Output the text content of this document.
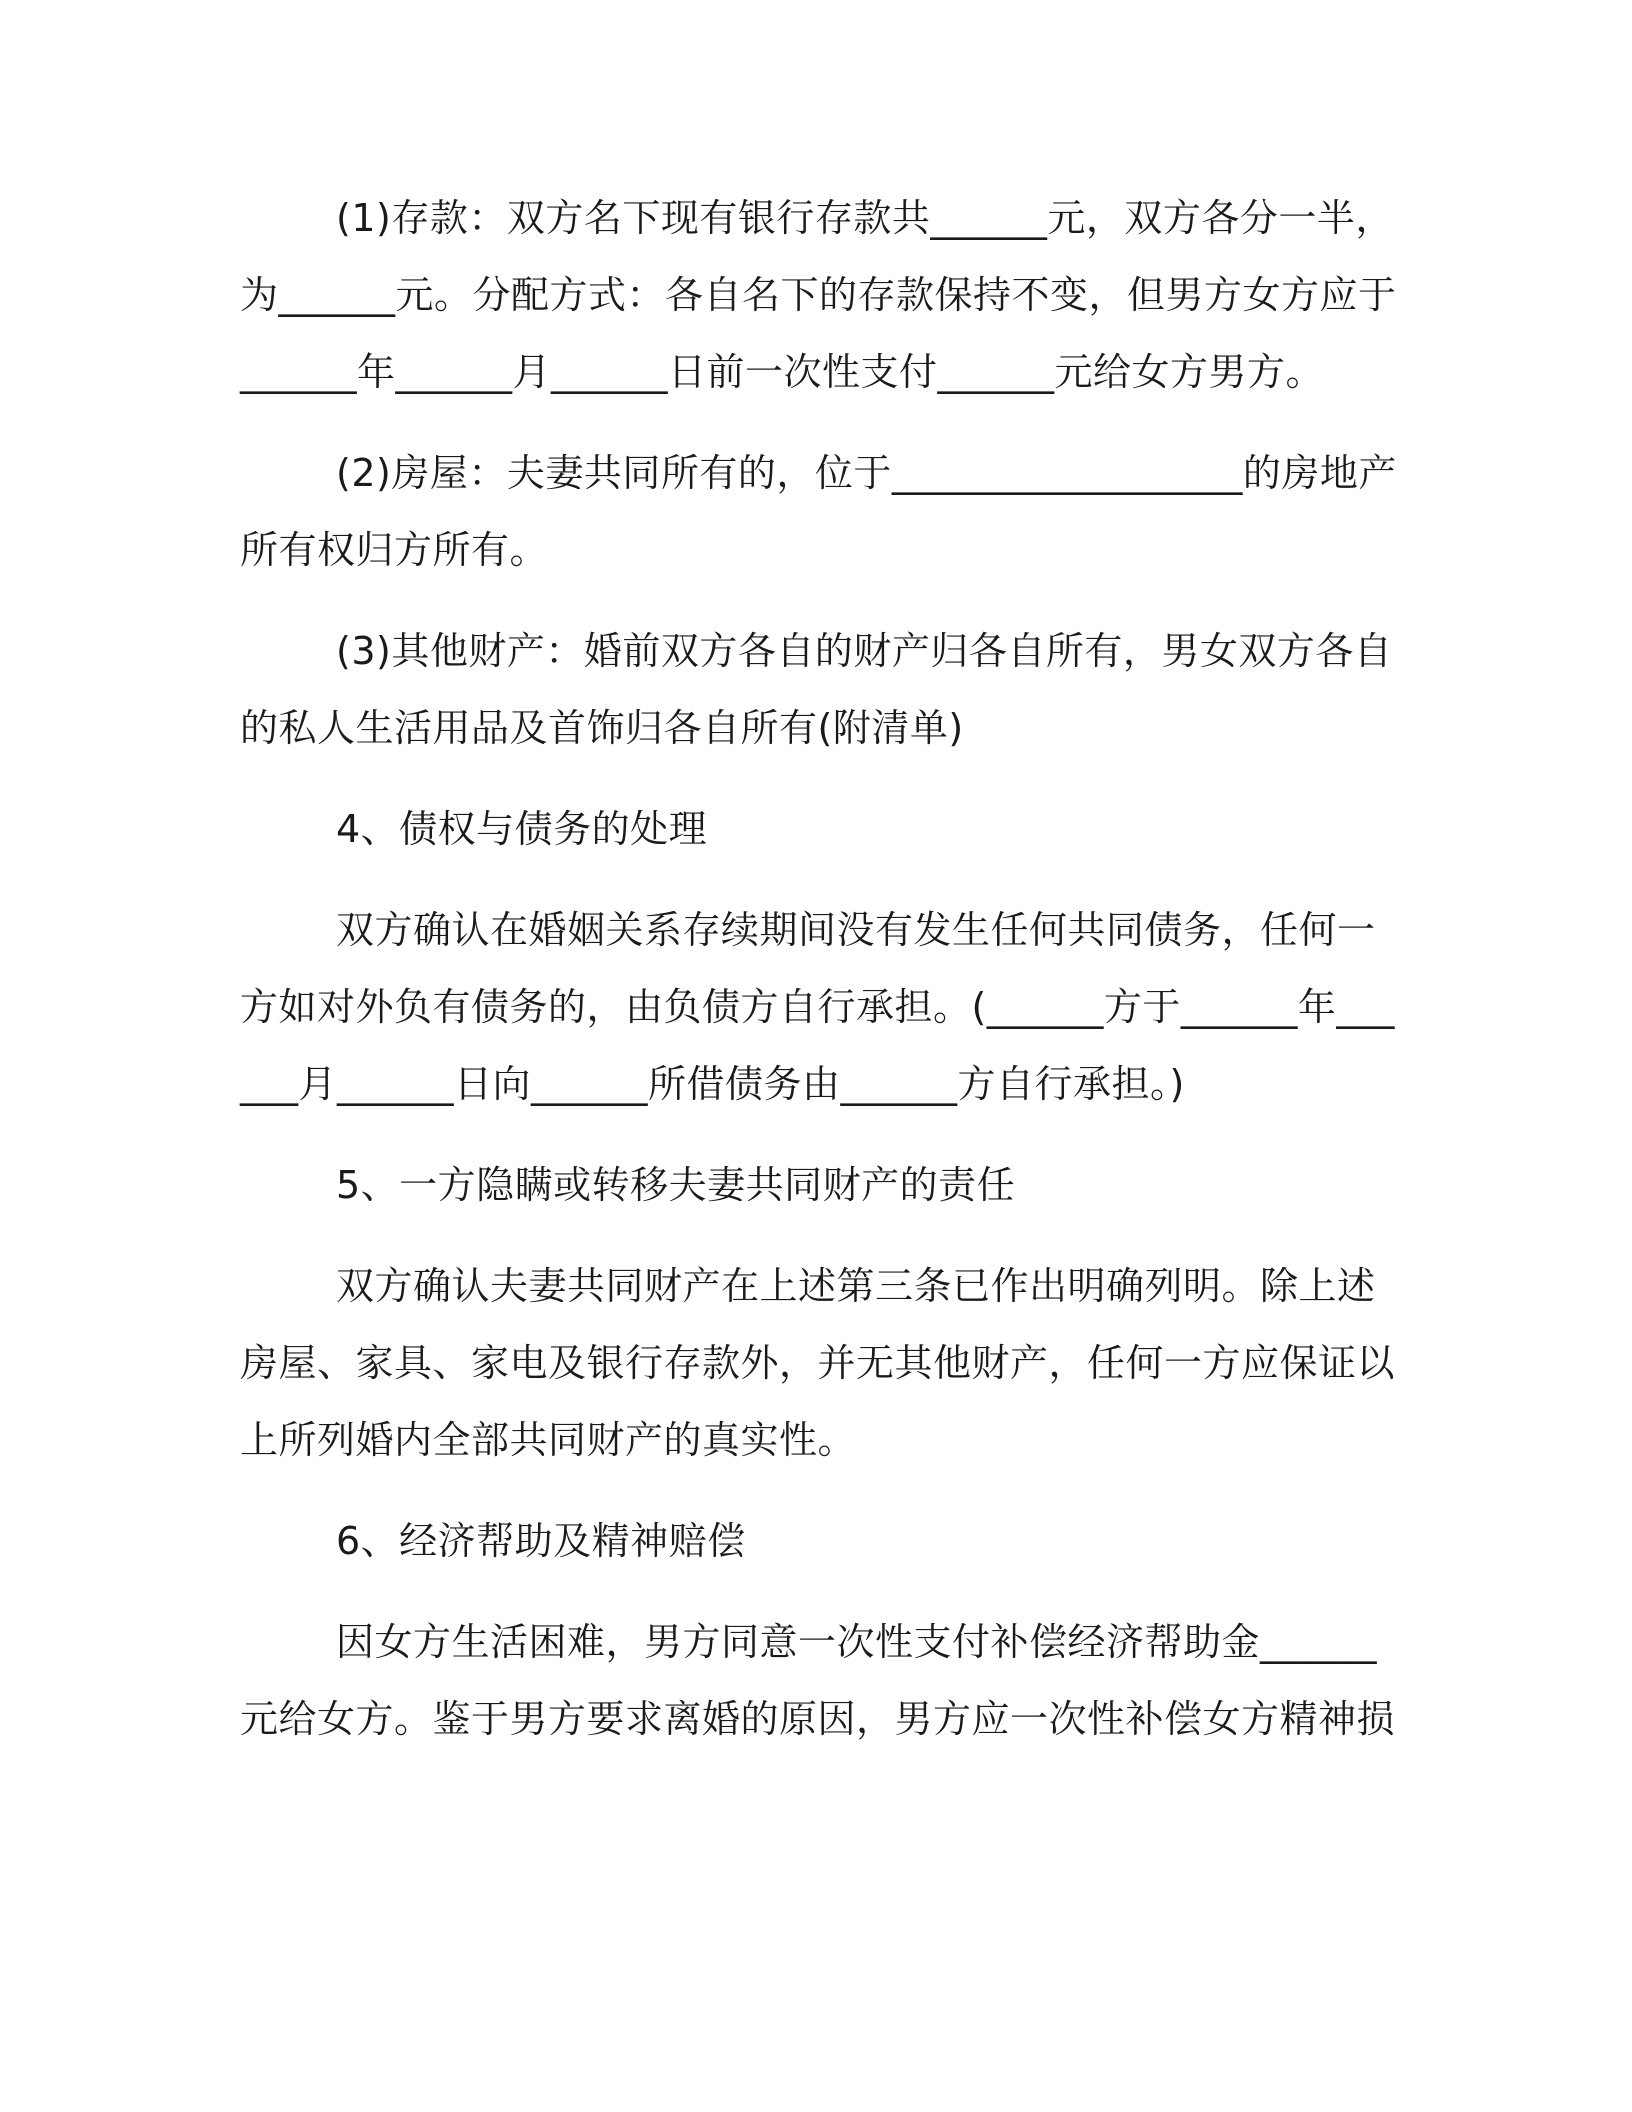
(1)存款：双方名下现有银行存款共______元，双方各分一半，为______元。分配方式：各自名下的存款保持不变，但男方女方应于______年______月______日前一次性支付______元给女方男方。

(2)房屋：夫妻共同所有的，位于__________________的房地产所有权归方所有。

(3)其他财产：婚前双方各自的财产归各自所有，男女双方各自的私人生活用品及首饰归各自所有(附清单)

4、债权与债务的处理

双方确认在婚姻关系存续期间没有发生任何共同债务，任何一方如对外负有债务的，由负债方自行承担。(______方于______年______月______日向______所借债务由______方自行承担。)

5、一方隐瞒或转移夫妻共同财产的责任

双方确认夫妻共同财产在上述第三条已作出明确列明。除上述房屋、家具、家电及银行存款外，并无其他财产，任何一方应保证以上所列婚内全部共同财产的真实性。

6、经济帮助及精神赔偿

因女方生活困难，男方同意一次性支付补偿经济帮助金______元给女方。鉴于男方要求离婚的原因，男方应一次性补偿女方精神损
